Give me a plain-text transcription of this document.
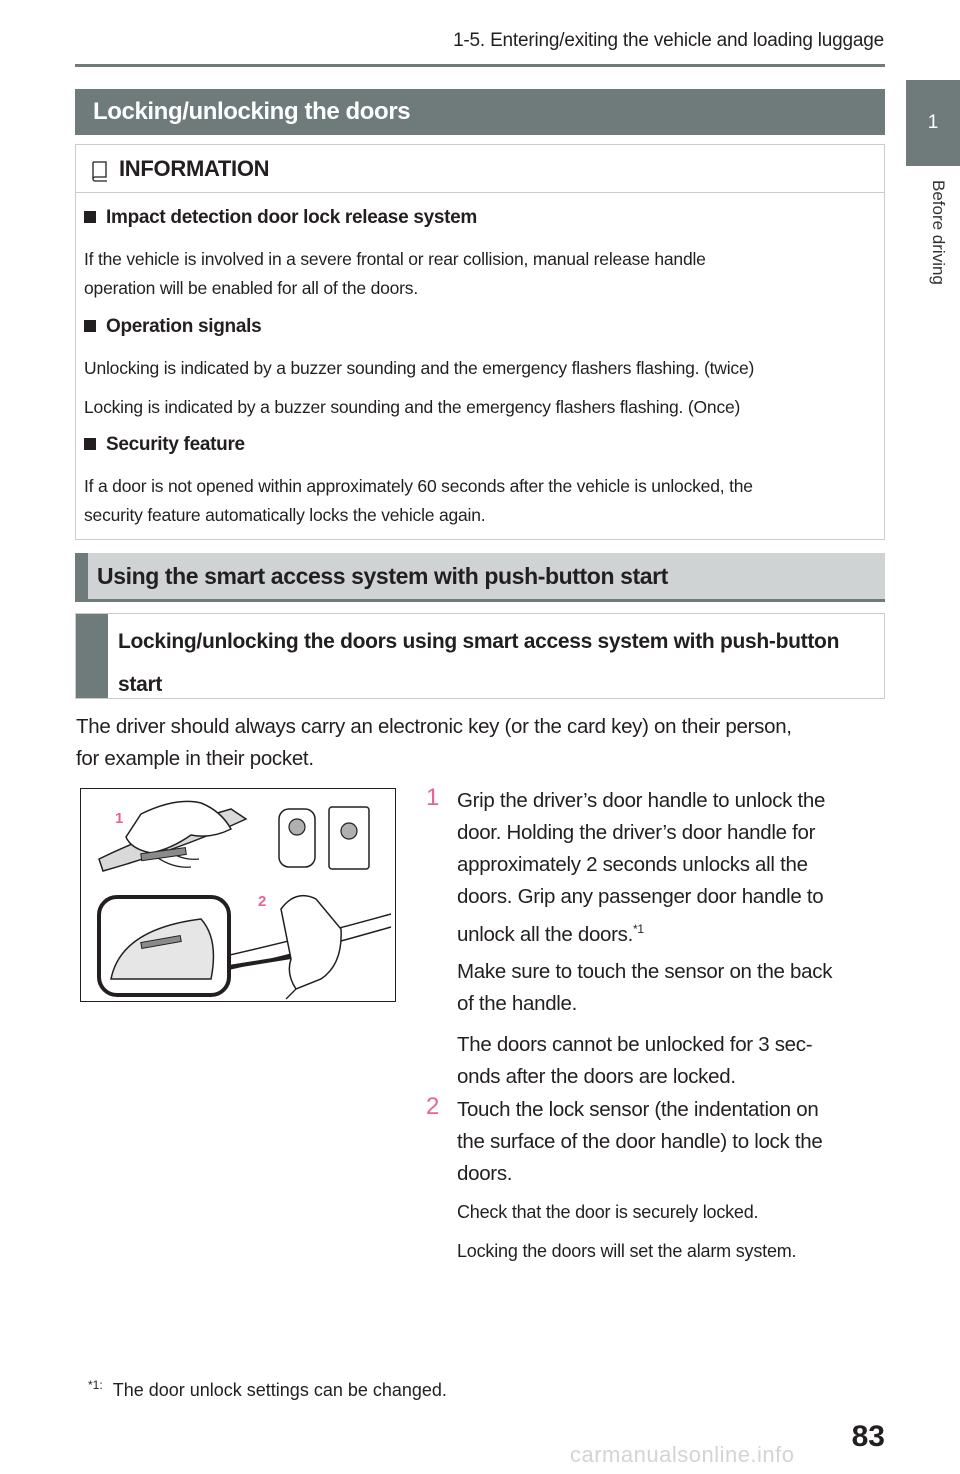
1-5. Entering/exiting the vehicle and loading luggage
1
Before driving
Locking/unlocking the doors
INFORMATION
Impact detection door lock release system
If the vehicle is involved in a severe frontal or rear collision, manual release handle
operation will be enabled for all of the doors.
Operation signals
Unlocking is indicated by a buzzer sounding and the emergency flashers flashing. (twice)
Locking is indicated by a buzzer sounding and the emergency flashers flashing. (Once)
Security feature
If a door is not opened within approximately 60 seconds after the vehicle is unlocked, the
security feature automatically locks the vehicle again.
Using the smart access system with push-button start
Locking/unlocking the doors using smart access system with push-button
start
The driver should always carry an electronic key (or the card key) on their person,
for example in their pocket.
1
2
1 Grip the driver’s door handle to unlock the
door. Holding the driver’s door handle for
approximately 2 seconds unlocks all the
doors. Grip any passenger door handle to
unlock all the doors.$^{*1}$
Make sure to touch the sensor on the back
of the handle.
The doors cannot be unlocked for 3 sec-
onds after the doors are locked.
2 Touch the lock sensor (the indentation on
the surface of the door handle) to lock the
doors.
Check that the door is securely locked.
Locking the doors will set the alarm system.
$^{*1:}$ The door unlock settings can be changed.
83
carmanualsonline.info
